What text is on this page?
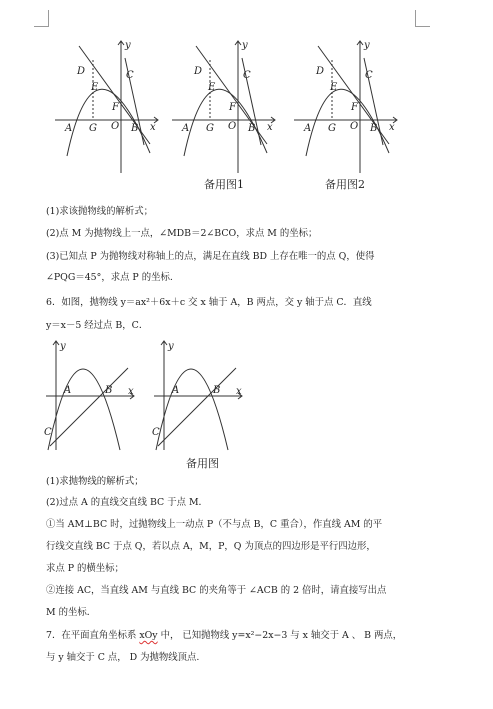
y
D	C
E
F
A G O B x
y
D	C
E
F
A G O B x
备用图1
y
D	C
E
F
A G O B x
备用图2
(1)求该抛物线的解析式；
(2)点 M 为抛物线上一点，∠MDB＝2∠BCO，求点 M 的坐标；
(3)已知点 P 为抛物线对称轴上的点，满足在直线 BD 上存在唯一的点 Q，使得
∠PQG＝45°，求点 P 的坐标.
6．如图，抛物线 y＝ax²＋6x＋c 交 x 轴于 A，B 两点，交 y 轴于点 C．直线
y＝x－5 经过点 B，C．
y
A	B x
C
y
A	B x
C
备用图
(1)求抛物线的解析式；
(2)过点 A 的直线交直线 BC 于点 M．
①当 AM⊥BC 时，过抛物线上一动点 P（不与点 B，C 重合），作直线 AM 的平
行线交直线 BC 于点 Q，若以点 A，M，P，Q 为顶点的四边形是平行四边形，
求点 P 的横坐标；
②连接 AC，当直线 AM 与直线 BC 的夹角等于 ∠ACB 的 2 倍时，请直接写出点
M 的坐标．
7．在平面直角坐标系 xOy 中， 已知抛物线 y=x²−2x−3 与 x 轴交于 A 、 B 两点，
与 y 轴交于 C 点， D 为抛物线顶点.
